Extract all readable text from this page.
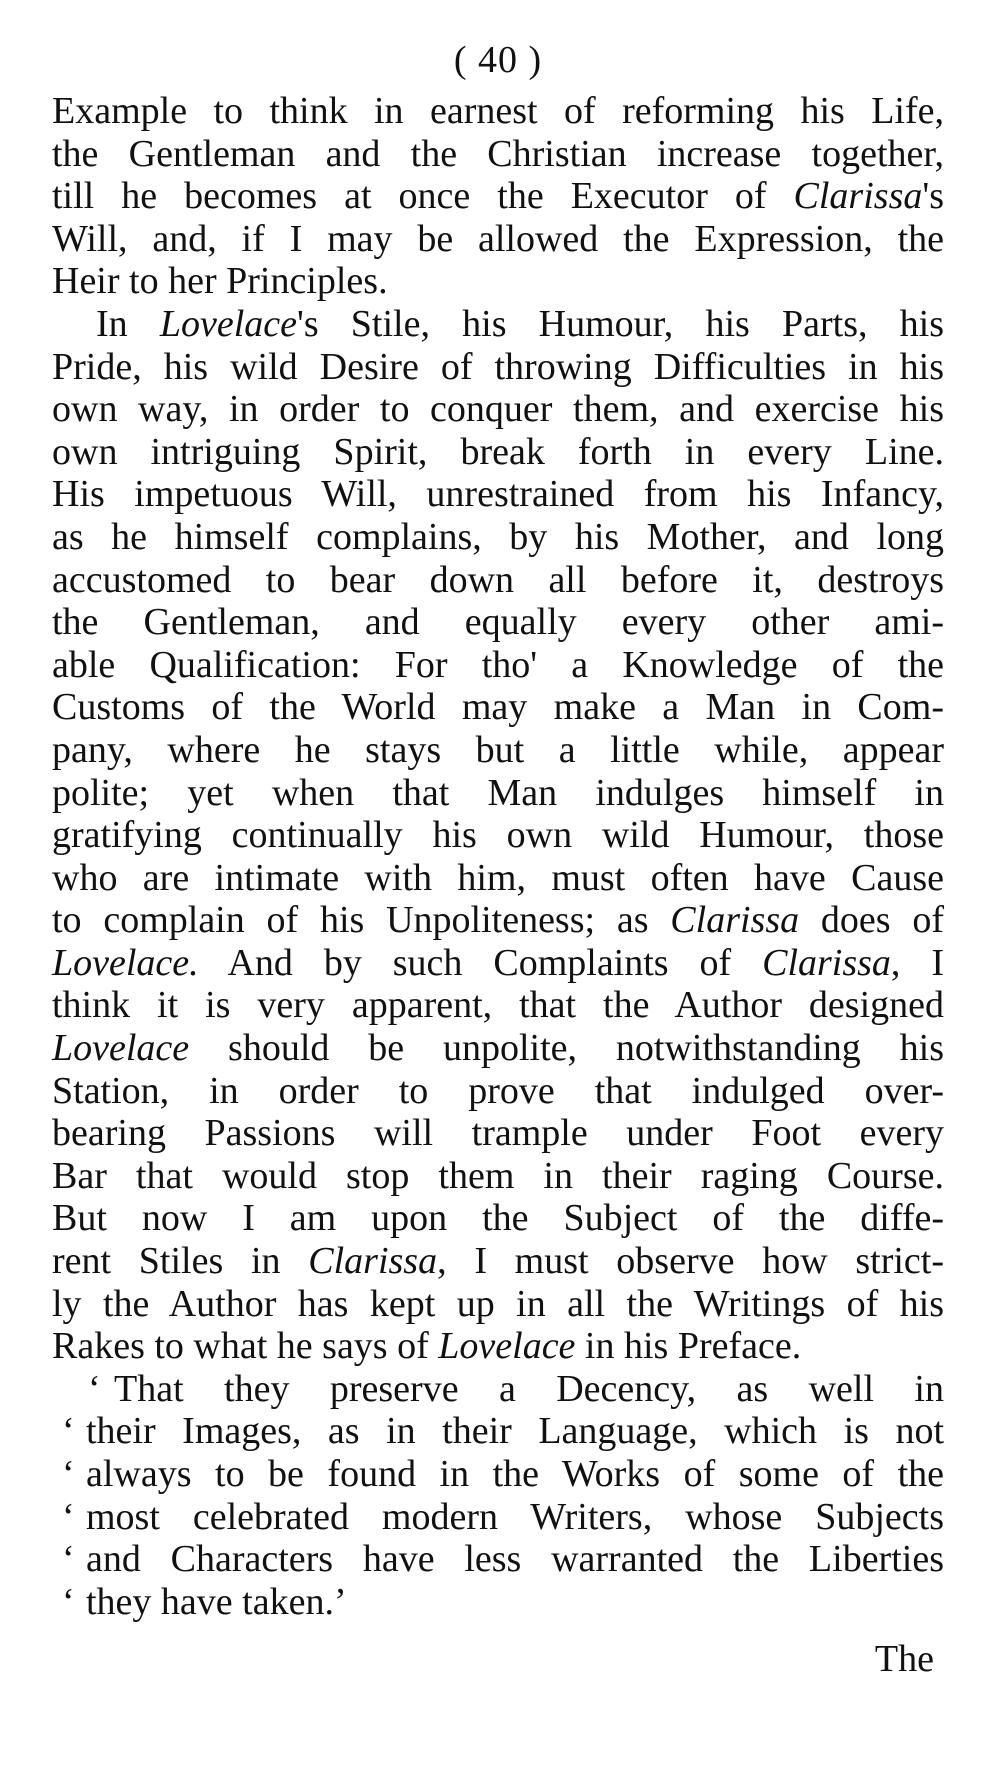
( 40 )
Example to think in earnest of reforming his Life,
the Gentleman and the Christian increase together,
till he becomes at once the Executor of Clarissa's
Will, and, if I may be allowed the Expression, the
Heir to her Principles.
In Lovelace's Stile, his Humour, his Parts, his
Pride, his wild Desire of throwing Difficulties in his
own way, in order to conquer them, and exercise his
own intriguing Spirit, break forth in every Line.
His impetuous Will, unrestrained from his Infancy,
as he himself complains, by his Mother, and long
accustomed to bear down all before it, destroys
the Gentleman, and equally every other ami-
able Qualification: For tho' a Knowledge of the
Customs of the World may make a Man in Com-
pany, where he stays but a little while, appear
polite; yet when that Man indulges himself in
gratifying continually his own wild Humour, those
who are intimate with him, must often have Cause
to complain of his Unpoliteness; as Clarissa does of
Lovelace. And by such Complaints of Clarissa, I
think it is very apparent, that the Author designed
Lovelace should be unpolite, notwithstanding his
Station, in order to prove that indulged over-
bearing Passions will trample under Foot every
Bar that would stop them in their raging Course.
But now I am upon the Subject of the diffe-
rent Stiles in Clarissa, I must observe how strict-
ly the Author has kept up in all the Writings of his
Rakes to what he says of Lovelace in his Preface.
‘ That they preserve a Decency, as well in
‘ their Images, as in their Language, which is not
‘ always to be found in the Works of some of the
‘ most celebrated modern Writers, whose Subjects
‘ and Characters have less warranted the Liberties
‘ they have taken.’
The
